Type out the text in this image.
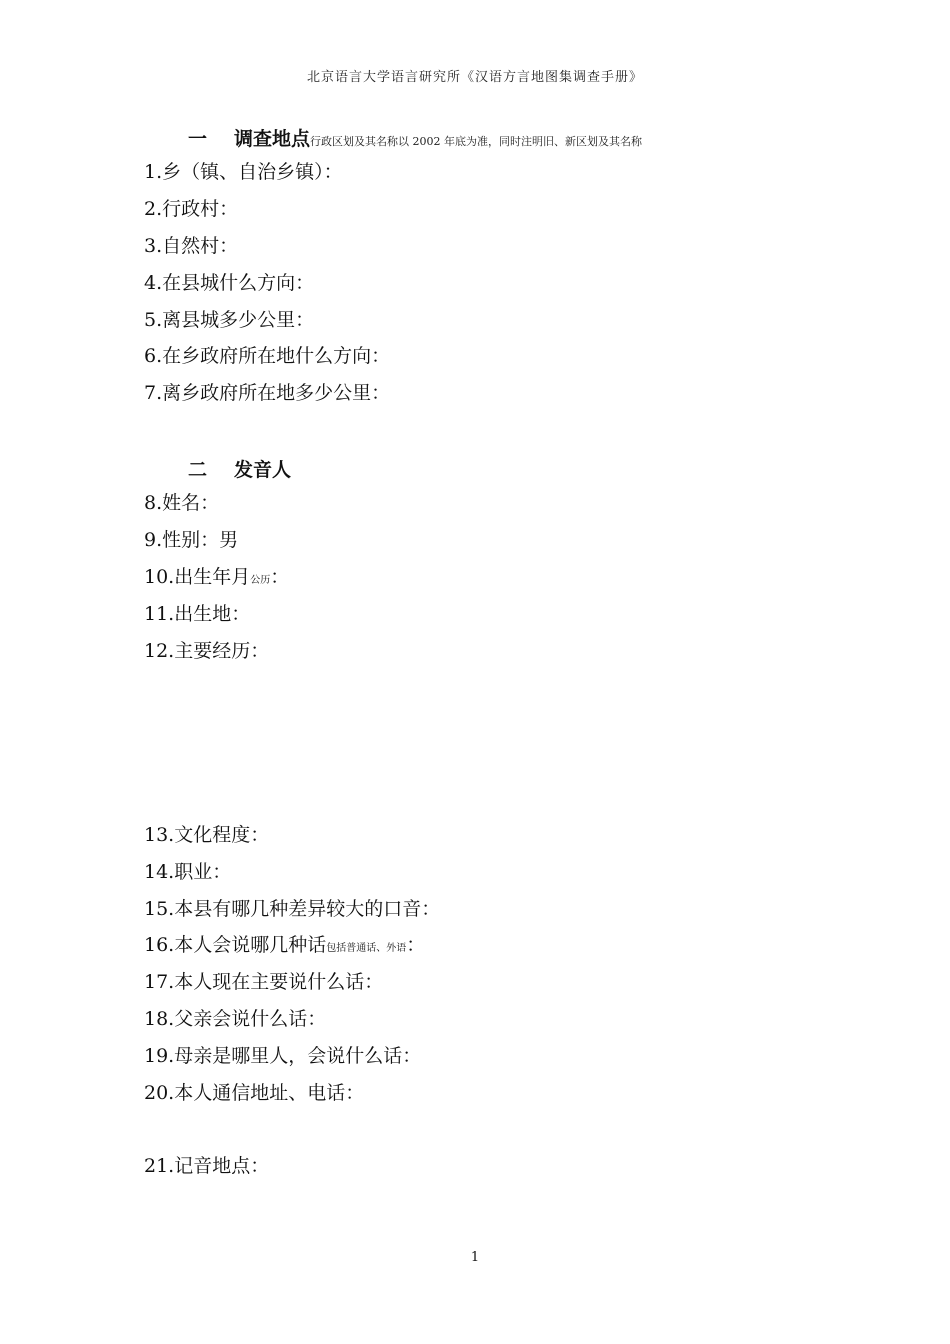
北京语言大学语言研究所《汉语方言地图集调查手册》
一 调查地点行政区划及其名称以 2002 年底为准，同时注明旧、新区划及其名称
1.乡（镇、自治乡镇）：
2.行政村：
3.自然村：
4.在县城什么方向：
5.离县城多少公里：
6.在乡政府所在地什么方向：
7.离乡政府所在地多少公里：
二 发音人
8.姓名：
9.性别：男
10.出生年月公历：
11.出生地：
12.主要经历：
13.文化程度：
14.职业：
15.本县有哪几种差异较大的口音：
16.本人会说哪几种话包括普通话、外语：
17.本人现在主要说什么话：
18.父亲会说什么话：
19.母亲是哪里人，会说什么话：
20.本人通信地址、电话：
21.记音地点：
1
